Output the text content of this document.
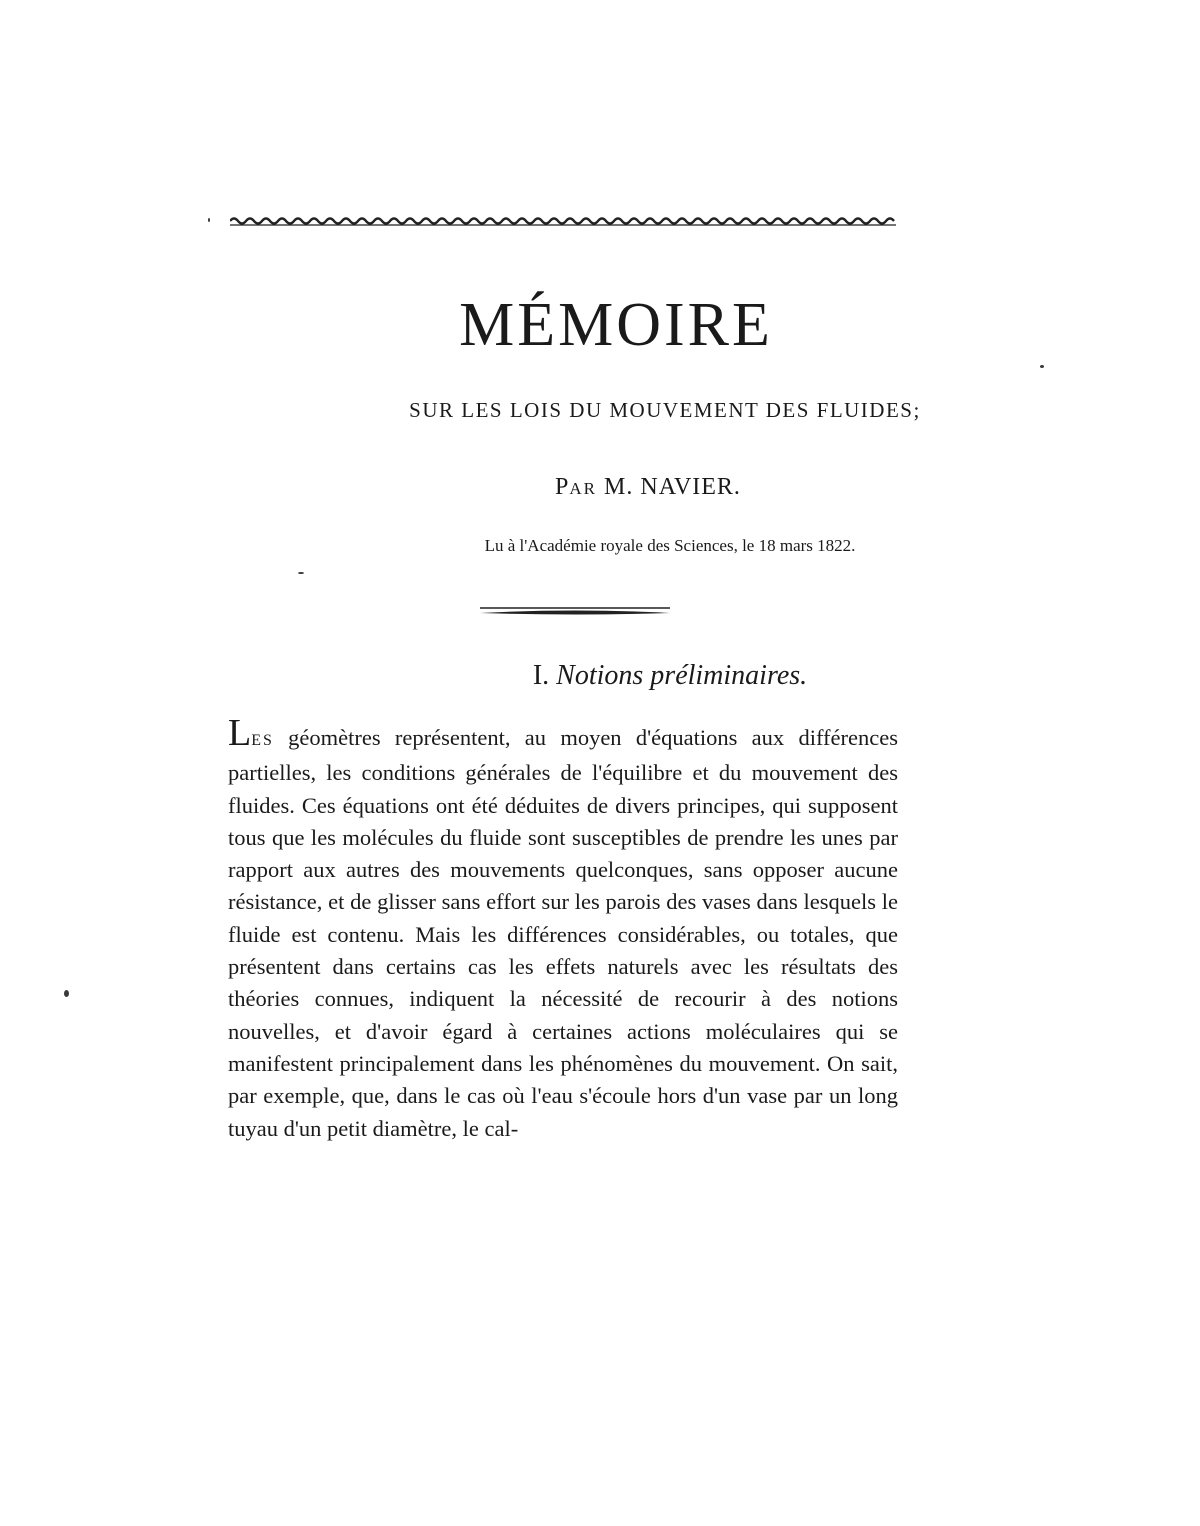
MÉMOIRE
SUR LES LOIS DU MOUVEMENT DES FLUIDES;
PAR M. NAVIER.
Lu à l'Académie royale des Sciences, le 18 mars 1822.
I. Notions préliminaires.

LES géomètres représentent, au moyen d'équations aux différences partielles, les conditions générales de l'équilibre et du mouvement des fluides. Ces équations ont été déduites de divers principes, qui supposent tous que les molécules du fluide sont susceptibles de prendre les unes par rapport aux autres des mouvements quelconques, sans opposer aucune résistance, et de glisser sans effort sur les parois des vases dans lesquels le fluide est contenu. Mais les différences considérables, ou totales, que présentent dans certains cas les effets naturels avec les résultats des théories connues, indiquent la nécessité de recourir à des notions nouvelles, et d'avoir égard à certaines actions moléculaires qui se manifestent principalement dans les phénomènes du mouvement. On sait, par exemple, que, dans le cas où l'eau s'écoule hors d'un vase par un long tuyau d'un petit diamètre, le cal-
